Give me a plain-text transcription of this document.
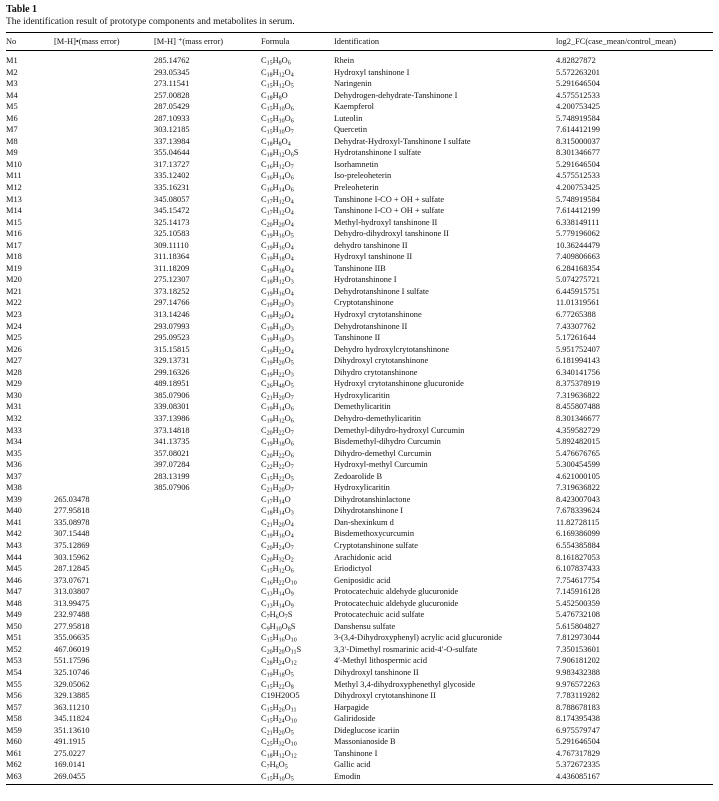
Table 1
The identification result of prototype components and metabolites in serum.
No	[M-H]•(mass error)	[M-H] ⁺(mass error)	Formula	Identification	log2_FC(case_mean/control_mean)
M1		285.14762	$C_{15}H_8O_6$	Rhein	4.82827872
M2		293.05345	$C_{18}H_{12}O_4$	Hydroxyl tanshinone I	5.572263201
M3		273.11541	$C_{15}H_{12}O_5$	Naringenin	5.291646504
M4		257.00828	$C_{18}H_8O$	Dehydrogen-dehydrate-Tanshinone I	4.575512533
M5		287.05429	$C_{15}H_{10}O_6$	Kaempferol	4.200753425
M6		287.10933	$C_{15}H_{10}O_6$	Luteolin	5.748919584
M7		303.12185	$C_{15}H_{10}O_7$	Quercetin	7.614412199
M8		337.13984	$C_{18}H_8O_4$	Dehydrat-Hydroxyl-Tanshinone I sulfate	8.315000037
M9		355.04644	$C_{18}H_{12}O_6S$	Hydrotanshinone I sulfate	8.301346677
M10		317.13727	$C_{16}H_{12}O_7$	Isorhamnetin	5.291646504
M11		335.12402	$C_{16}H_{14}O_6$	Iso-preleoheterin	4.575512533
M12		335.16231	$C_{16}H_{14}O_6$	Preleoheterin	4.200753425
M13		345.08057	$C_{17}H_{12}O_4$	Tanshinone I-CO + OH + sulfate	5.748919584
M14		345.15472	$C_{17}H_{12}O_4$	Tanshinone I-CO + OH + sulfate	7.614412199
M15		325.14173	$C_{20}H_{20}O_4$	Methyl-hydroxyl tanshinone II	6.338149111
M16		325.10583	$C_{19}H_{16}O_5$	Dehydro-dihydroxyl tanshinone II	5.779196062
M17		309.11110	$C_{19}H_{16}O_4$	dehydro tanshinone II	10.36244479
M18		311.18364	$C_{19}H_{18}O_4$	Hydroxyl tanshinone II	7.409806663
M19		311.18209	$C_{19}H_{18}O_4$	Tanshinone IIB	6.284168354
M20		275.12307	$C_{18}H_{12}O_3$	Hydrotanshinone I	5.074275721
M21		373.18252	$C_{19}H_{16}O_4$	Dehydrotanshinone I sulfate	6.445915751
M22		297.14766	$C_{19}H_{20}O_3$	Cryptotanshinone	11.01319561
M23		313.14246	$C_{19}H_{20}O_4$	Hydroxyl crytotanshinone	6.77265388
M24		293.07993	$C_{19}H_{16}O_3$	Dehydrotanshinone II	7.43307762
M25		295.09523	$C_{19}H_{18}O_3$	Tanshinone II	5.17261644
M26		315.15815	$C_{19}H_{22}O_4$	Dehydro hydroxylcrytotanshinone	5.951752407
M27		329.13731	$C_{19}H_{20}O_5$	Dihydroxyl crytotanshinone	6.181994143
M28		299.16326	$C_{19}H_{22}O_3$	Dihydro crytotanshinone	6.340141756
M29		489.18951	$C_{26}H_{48}O_5$	Hydroxyl crytotanshinone glucuronide	8.375378919
M30		385.07906	$C_{21}H_{20}O_7$	Hydroxylicaritin	7.319636822
M31		339.08301	$C_{19}H_{14}O_6$	Demethylicaritin	8.455807488
M32		337.13986	$C_{19}H_{12}O_6$	Dehydro-demethylicaritin	8.301346677
M33		373.14818	$C_{20}H_{22}O_7$	Demethyl-dihydro-hydroxyl Curcumin	4.359582729
M34		341.13735	$C_{19}H_{18}O_6$	Bisdemethyl-dihydro Curcumin	5.892482015
M35		357.08021	$C_{20}H_{22}O_6$	Dihydro-demethyl Curcumin	5.476676765
M36		397.07284	$C_{22}H_{22}O_7$	Hydroxyl-methyl Curcumin	5.300454599
M37		283.13199	$C_{15}H_{22}O_5$	Zedoarolide B	4.621000105
M38		385.07906	$C_{21}H_{20}O_7$	Hydroxylicaritin	7.319636822
M39	265.03478		$C_{17}H_{14}O$	Dihydrotanshinlactone	8.423007043
M40	277.95818		$C_{18}H_{14}O_3$	Dihydrotanshinone I	7.678339624
M41	335.08978		$C_{21}H_{20}O_4$	Dan-shexinkum d	11.82728115
M42	307.15448		$C_{19}H_{16}O_4$	Bisdemethoxycurcumin	6.169386099
M43	375.12869		$C_{20}H_{24}O_7$	Cryptotanshinone sulfate	6.554385884
M44	303.15962		$C_{20}H_{32}O_2$	Arachidonic acid	8.161827053
M45	287.12845		$C_{15}H_{12}O_6$	Eriodictyol	6.107837433
M46	373.07671		$C_{16}H_{22}O_{10}$	Geniposidic acid	7.754617754
M47	313.03807		$C_{13}H_{14}O_9$	Protocatechuic aldehyde glucuronide	7.145916128
M48	313.99475		$C_{13}H_{14}O_9$	Protocatechuic aldehyde glucuronide	5.452500359
M49	232.97488		$C_7H_6O_7S$	Protocatechuic acid sulfate	5.476732108
M50	277.95818		$C_9H_{10}O_8S$	Danshensu sulfate	5.615804827
M51	355.06635		$C_{15}H_{16}O_{10}$	3-(3,4-Dihydroxyphenyl) acrylic acid glucuronide	7.812973044
M52	467.06019		$C_{20}H_{20}O_{11}S$	3,3′-Dimethyl rosmarinic acid-4′-O-sulfate	7.350153601
M53	551.17596		$C_{28}H_{24}O_{12}$	4′-Methyl lithospermic acid	7.906181202
M54	325.10746		$C_{19}H_{18}O_5$	Dihydroxyl tanshinone II	9.983432388
M55	329.05062		$C_{15}H_{22}O_8$	Methyl 3,4-dihydroxyphenethyl glycoside	9.976572263
M56	329.13885		C19H20O5	Dihydroxyl crytotanshinone II	7.783119282
M57	363.11210		$C_{15}H_{26}O_{11}$	Harpagide	8.788678183
M58	345.11824		$C_{15}H_{24}O_{10}$	Galiridoside	8.174395438
M59	351.13610		$C_{21}H_{20}O_5$	Dideglucose icariin	6.975579747
M60	491.1915		$C_{25}H_{32}O_{10}$	Massonianoside B	5.291646504
M61	275.0227		$C_{18}H_{12}O_{12}$	Tanshinone I	4.767317829
M62	169.0141		$C_7H_6O_5$	Gallic acid	5.372672335
M63	269.0455		$C_{15}H_{10}O_5$	Emodin	4.436085167
